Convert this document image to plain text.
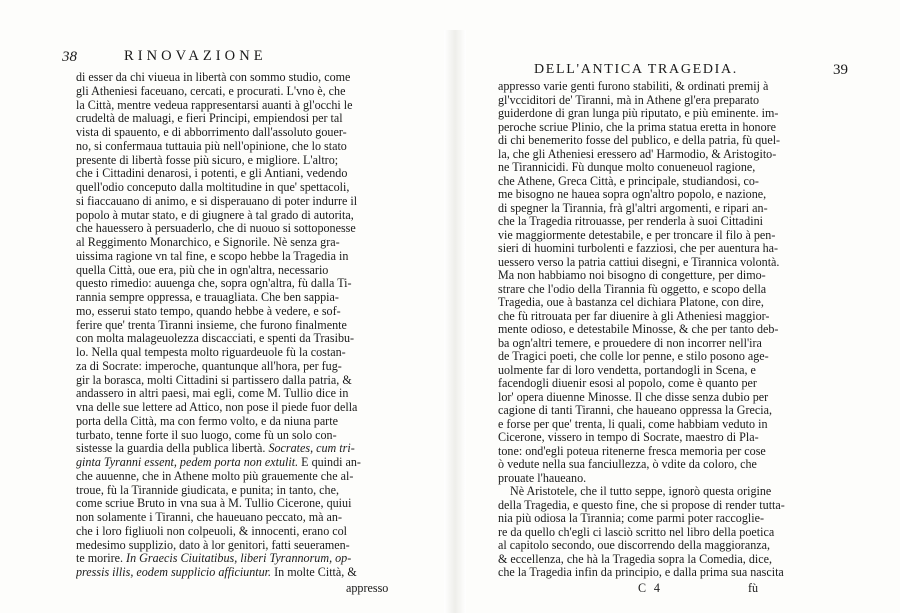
38	RINOVAZIONE
di esser da chi viueua in libertà con sommo studio, come
gli Atheniesi faceuano, cercati, e procurati. L'vno è, che
la Città, mentre vedeua rappresentarsi auanti à gl'occhi le
crudeltà de maluagi, e fieri Principi, empiendosi per tal
vista di spauento, e di abborrimento dall'assoluto gouer-
no, si confermaua tuttauia più nell'opinione, che lo stato
presente di libertà fosse più sicuro, e migliore. L'altro;
che i Cittadini denarosi, i potenti, e gli Antiani, vedendo
quell'odio conceputo dalla moltitudine in que' spettacoli,
si fiaccauano di animo, e si disperauano di poter indurre il
popolo à mutar stato, e di giugnere à tal grado di autorita,
che hauessero à persuaderlo, che di nuouo si sottoponesse
al Reggimento Monarchico, e Signorile. Nè senza gra-
uissima ragione vn tal fine, e scopo hebbe la Tragedia in
quella Città, oue era, più che in ogn'altra, necessario
questo rimedio: auuenga che, sopra ogn'altra, fù dalla Ti-
rannia sempre oppressa, e trauagliata. Che ben sappia-
mo, esserui stato tempo, quando hebbe à vedere, e sof-
ferire que' trenta Tiranni insieme, che furono finalmente
con molta malageuolezza discacciati, e spenti da Trasibu-
lo. Nella qual tempesta molto riguardeuole fù la costan-
za di Socrate: imperoche, quantunque all'hora, per fug-
gir la borasca, molti Cittadini si partissero dalla patria, &
andassero in altri paesi, mai egli, come M. Tullio dice in
vna delle sue lettere ad Attico, non pose il piede fuor della
porta della Città, ma con fermo volto, e da niuna parte
turbato, tenne forte il suo luogo, come fù un solo con-
sistesse la guardia della publica libertà. Socrates, cum tri-
ginta Tyranni essent, pedem porta non extulit. E quindi an-
che auuenne, che in Athene molto più grauemente che al-
troue, fù la Tirannide giudicata, e punita; in tanto, che,
come scriue Bruto in vna sua à M. Tullio Cicerone, quiui
non solamente i Tiranni, che haueuano peccato, mà an-
che i loro figliuoli non colpeuoli, & innocenti, erano col
medesimo supplizio, dato à lor genitori, fatti seueramen-
te morire. In Graecis Ciuitatibus, liberi Tyrannorum, op-
pressis illis, eodem supplicio afficiuntur. In molte Città, &
appresso
DELL'ANTICA TRAGEDIA.	39
appresso varie genti furono stabiliti, & ordinati premij à
gl'vcciditori de' Tiranni, mà in Athene gl'era preparato
guiderdone di gran lunga più riputato, e più eminente. im-
peroche scriue Plinio, che la prima statua eretta in honore
di chi benemerito fosse del publico, e della patria, fù quel-
la, che gli Atheniesi eressero ad' Harmodio, & Aristogito-
ne Tirannicidi. Fù dunque molto conueneuol ragione,
che Athene, Greca Città, e principale, studiandosi, co-
me bisogno ne hauea sopra ogn'altro popolo, e nazione,
di spegner la Tirannia, frà gl'altri argomenti, e ripari an-
che la Tragedia ritrouasse, per renderla à suoi Cittadini
vie maggiormente detestabile, e per troncare il filo à pen-
sieri di huomini turbolenti e fazziosi, che per auentura ha-
uessero verso la patria cattiui disegni, e Tirannica volontà.
Ma non habbiamo noi bisogno di congetture, per dimo-
strare che l'odio della Tirannia fù oggetto, e scopo della
Tragedia, oue à bastanza cel dichiara Platone, con dire,
che fù ritrouata per far diuenire à gli Atheniesi maggior-
mente odioso, e detestabile Minosse, & che per tanto deb-
ba ogn'altri temere, e prouedere di non incorrer nell'ira
de Tragici poeti, che colle lor penne, e stilo posono age-
uolmente far di loro vendetta, portandogli in Scena, e
facendogli diuenir esosi al popolo, come è quanto per
lor' opera diuenne Minosse. Il che disse senza dubio per
cagione di tanti Tiranni, che haueano oppressa la Grecia,
e forse per que' trenta, li quali, come habbiam veduto in
Cicerone, vissero in tempo di Socrate, maestro di Pla-
tone: ond'egli poteua ritenerne fresca memoria per cose
ò vedute nella sua fanciullezza, ò vdite da coloro, che
prouate l'haueano.
Nè Aristotele, che il tutto seppe, ignorò questa origine
della Tragedia, e questo fine, che si propose di render tutta-
nia più odiosa la Tirannia; come parmi poter raccoglie-
re da quello ch'egli ci lasciò scritto nel libro della poetica
al capitolo secondo, oue discorrendo della maggioranza,
& eccellenza, che hà la Tragedia sopra la Comedia, dice,
che la Tragedia infin da principio, e dalla prima sua nascita
C 4	fù
